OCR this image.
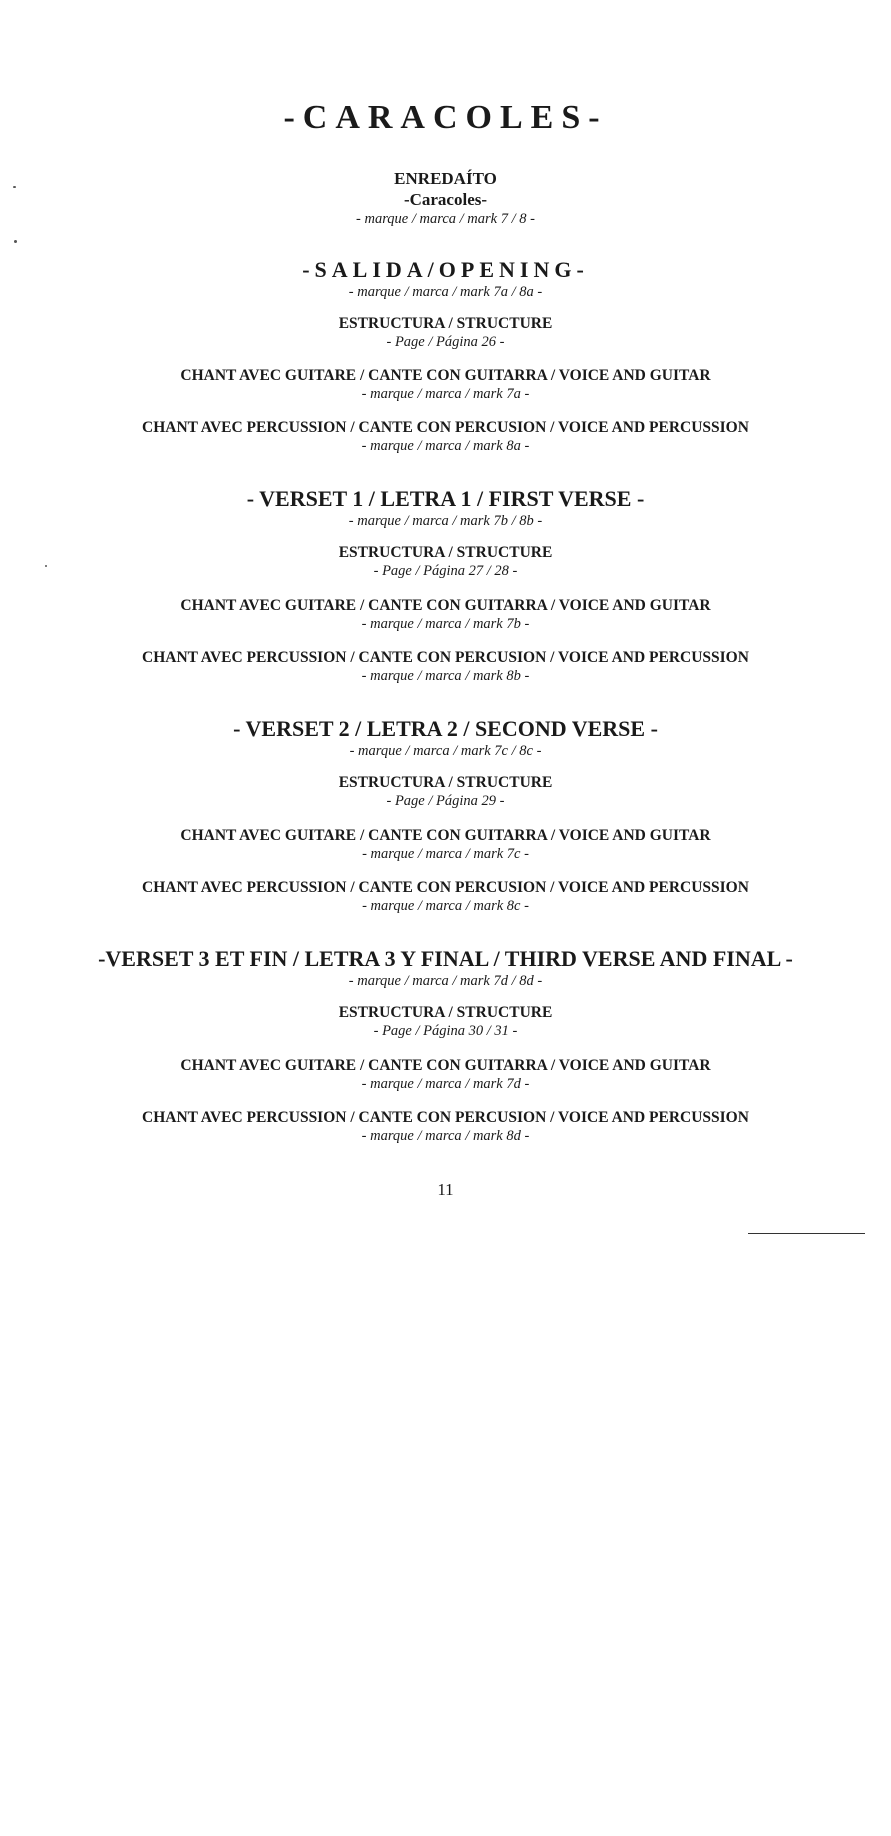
-CARACOLES-
ENREDAÍTO
-Caracoles-
- marque / marca / mark 7 / 8 -
-SALIDA/OPENING-
- marque / marca / mark 7a / 8a -
ESTRUCTURA / STRUCTURE
- Page / Página 26 -
CHANT AVEC GUITARE / CANTE CON GUITARRA / VOICE AND GUITAR
- marque / marca / mark 7a -
CHANT AVEC PERCUSSION / CANTE CON PERCUSION / VOICE AND PERCUSSION
- marque / marca / mark 8a -
- VERSET 1 / LETRA 1 / FIRST VERSE -
- marque / marca / mark 7b / 8b -
ESTRUCTURA / STRUCTURE
- Page / Página 27 / 28 -
CHANT AVEC GUITARE / CANTE CON GUITARRA / VOICE AND GUITAR
- marque / marca / mark 7b -
CHANT AVEC PERCUSSION / CANTE CON PERCUSION / VOICE AND PERCUSSION
- marque / marca / mark 8b -
- VERSET 2 / LETRA 2 / SECOND VERSE -
- marque / marca / mark 7c / 8c -
ESTRUCTURA / STRUCTURE
- Page / Página 29 -
CHANT AVEC GUITARE / CANTE CON GUITARRA / VOICE AND GUITAR
- marque / marca / mark 7c -
CHANT AVEC PERCUSSION / CANTE CON PERCUSION / VOICE AND PERCUSSION
- marque / marca / mark 8c -
-VERSET 3 ET FIN / LETRA 3 Y FINAL / THIRD VERSE AND FINAL -
- marque / marca / mark 7d / 8d -
ESTRUCTURA / STRUCTURE
- Page / Página 30 / 31 -
CHANT AVEC GUITARE / CANTE CON GUITARRA / VOICE AND GUITAR
- marque / marca / mark 7d -
CHANT AVEC PERCUSSION / CANTE CON PERCUSION / VOICE AND PERCUSSION
- marque / marca / mark 8d -
11
